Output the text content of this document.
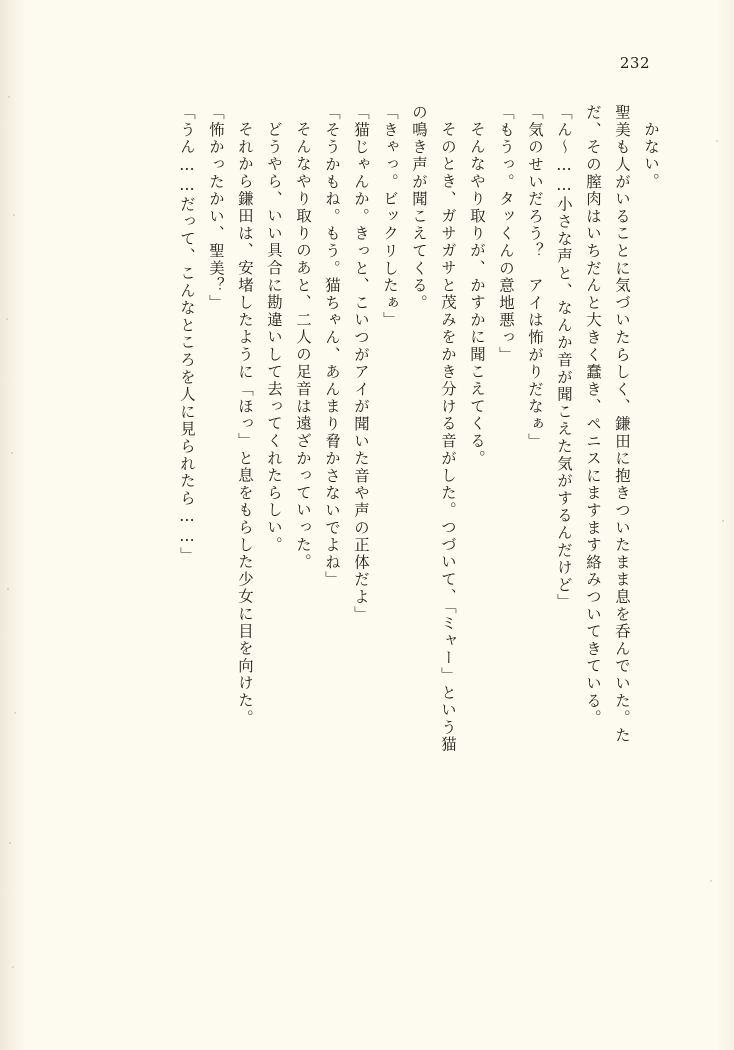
232
かない。
聖美も人がいることに気づいたらしく、鎌田に抱きついたまま息を呑んでいた。た
だ、その膣肉はいちだんと大きく蠢き、ペニスにますます絡みついてきている。
「ん～……小さな声と、なんか音が聞こえた気がするんだけど」
「気のせいだろう？　アイは怖がりだなぁ」
「もうっ。タッくんの意地悪っ」
そんなやり取りが、かすかに聞こえてくる。
そのとき、ガサガサと茂みをかき分ける音がした。つづいて、「ミャー」という猫
の鳴き声が聞こえてくる。
「きゃっ。ビックリしたぁ」
「猫じゃんか。きっと、こいつがアイが聞いた音や声の正体だよ」
「そうかもね。もう。猫ちゃん、あんまり脅かさないでよね」
そんなやり取りのあと、二人の足音は遠ざかっていった。
どうやら、いい具合に勘違いして去ってくれたらしい。
それから鎌田は、安堵したように「ほっ」と息をもらした少女に目を向けた。
「怖かったかい、聖美？」
「うん……だって、こんなところを人に見られたら……」
